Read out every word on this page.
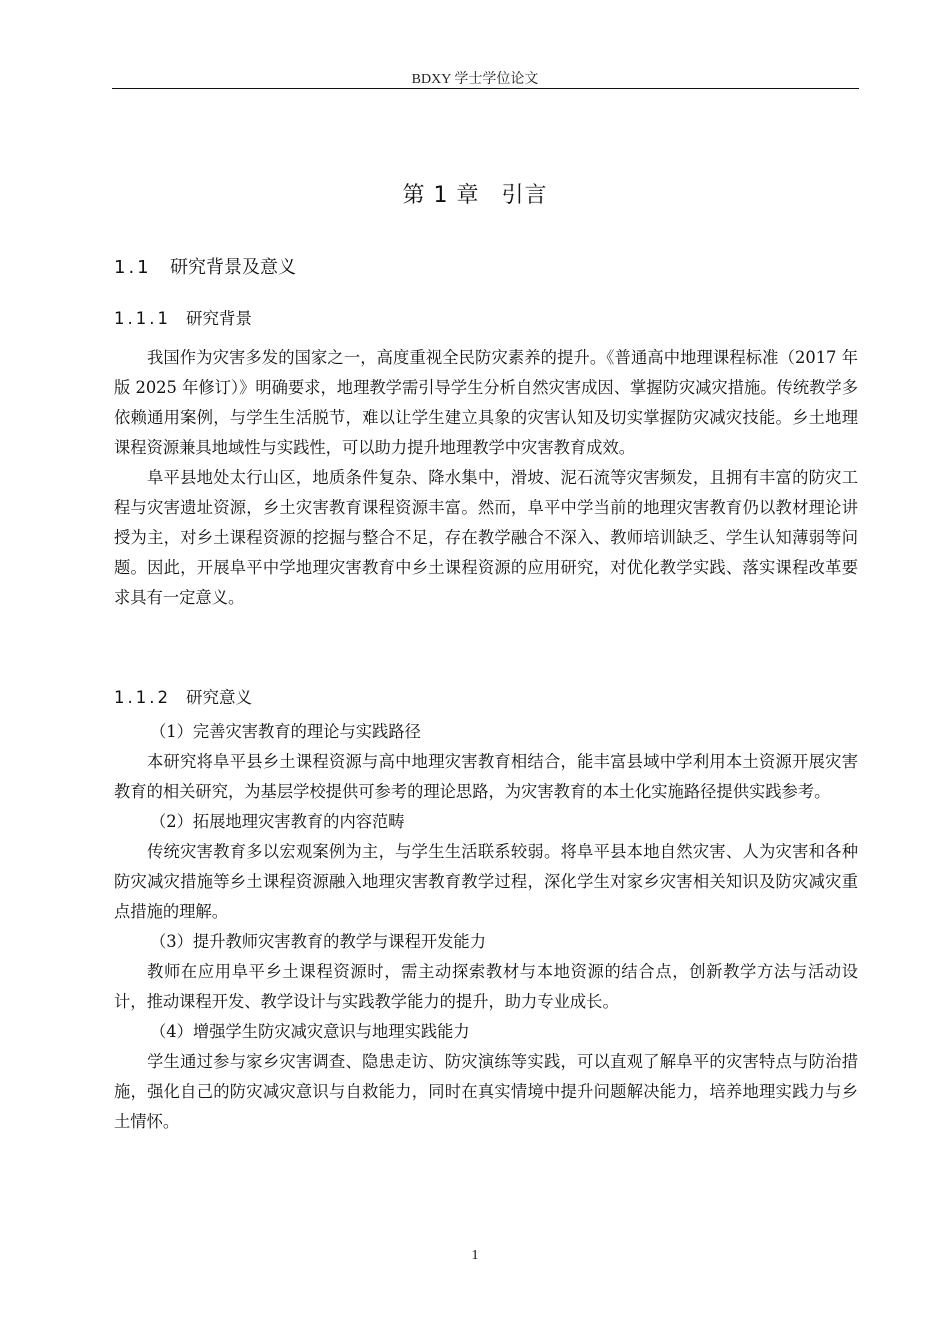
BDXY 学士学位论文
第 1 章 引言
1.1 研究背景及意义
1.1.1 研究背景

我国作为灾害多发的国家之一，高度重视全民防灾素养的提升。《普通高中地理课程标准（2017 年版 2025 年修订）》明确要求，地理教学需引导学生分析自然灾害成因、掌握防灾减灾措施。传统教学多依赖通用案例，与学生生活脱节，难以让学生建立具象的灾害认知及切实掌握防灾减灾技能。乡土地理课程资源兼具地域性与实践性，可以助力提升地理教学中灾害教育成效。

阜平县地处太行山区，地质条件复杂、降水集中，滑坡、泥石流等灾害频发，且拥有丰富的防灾工程与灾害遗址资源，乡土灾害教育课程资源丰富。然而，阜平中学当前的地理灾害教育仍以教材理论讲授为主，对乡土课程资源的挖掘与整合不足，存在教学融合不深入、教师培训缺乏、学生认知薄弱等问题。因此，开展阜平中学地理灾害教育中乡土课程资源的应用研究，对优化教学实践、落实课程改革要求具有一定意义。

1.1.2 研究意义

（1）完善灾害教育的理论与实践路径

本研究将阜平县乡土课程资源与高中地理灾害教育相结合，能丰富县域中学利用本土资源开展灾害教育的相关研究，为基层学校提供可参考的理论思路，为灾害教育的本土化实施路径提供实践参考。

（2）拓展地理灾害教育的内容范畴

传统灾害教育多以宏观案例为主，与学生生活联系较弱。将阜平县本地自然灾害、人为灾害和各种防灾减灾措施等乡土课程资源融入地理灾害教育教学过程，深化学生对家乡灾害相关知识及防灾减灾重点措施的理解。

（3）提升教师灾害教育的教学与课程开发能力

教师在应用阜平乡土课程资源时，需主动探索教材与本地资源的结合点，创新教学方法与活动设计，推动课程开发、教学设计与实践教学能力的提升，助力专业成长。

（4）增强学生防灾减灾意识与地理实践能力

学生通过参与家乡灾害调查、隐患走访、防灾演练等实践，可以直观了解阜平的灾害特点与防治措施，强化自己的防灾减灾意识与自救能力，同时在真实情境中提升问题解决能力，培养地理实践力与乡土情怀。

1
